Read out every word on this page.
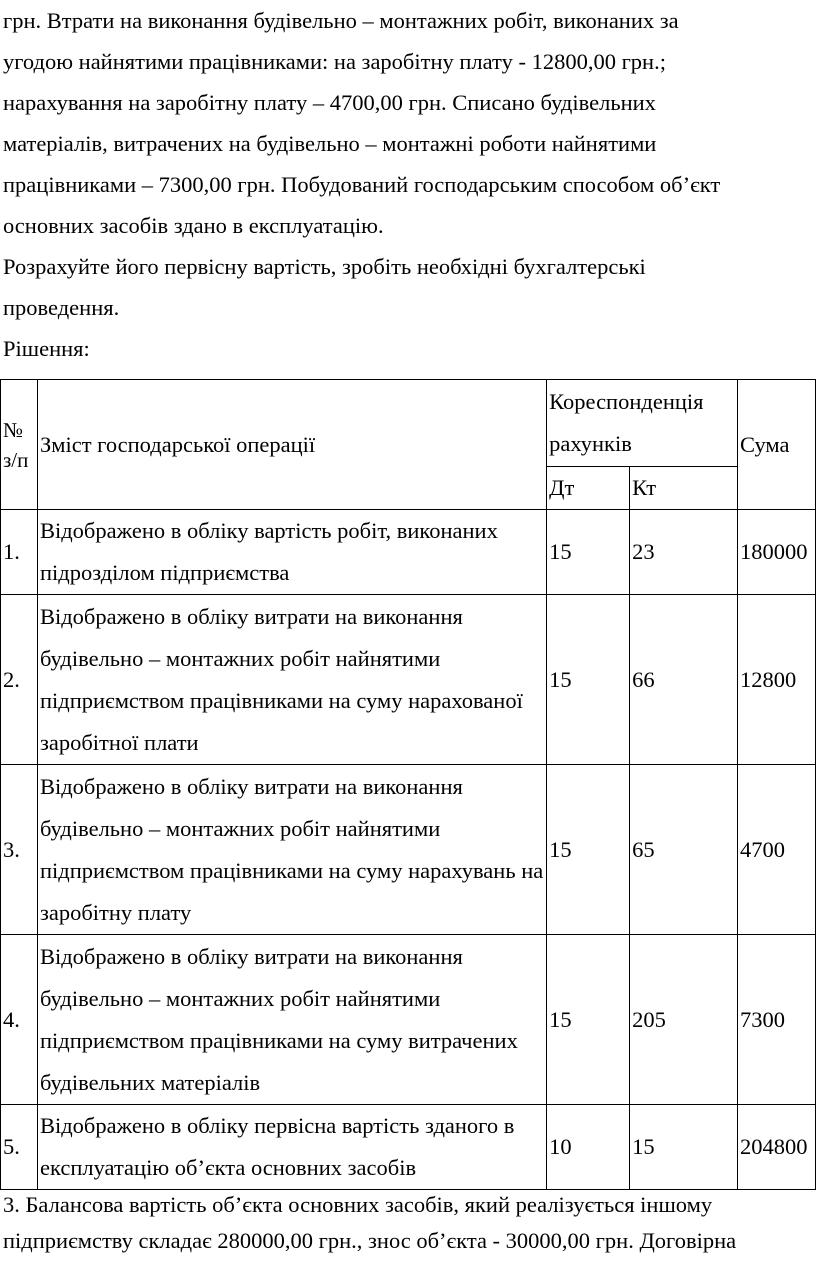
грн. Втрати на виконання будівельно – монтажних робіт, виконаних за
угодою найнятими працівниками: на заробітну плату - 12800,00 грн.;
нарахування на заробітну плату – 4700,00 грн. Списано будівельних
матеріалів, витрачених на будівельно – монтажні роботи найнятими
працівниками – 7300,00 грн. Побудований господарським способом об’єкт
основних засобів здано в експлуатацію.
Розрахуйте його первісну вартість, зробіть необхідні бухгалтерські
проведення.
Рішення:
№
з/п	Зміст господарської операції	Кореспонденція рахунків		Сума
		Дт	Кт	
1.	Відображено в обліку вартість робіт, виконаних підрозділом підприємства	15	23	180000
2.	Відображено в обліку витрати на виконання будівельно – монтажних робіт найнятими підприємством працівниками на суму нарахованої заробітної плати	15	66	12800
3.	Відображено в обліку витрати на виконання будівельно – монтажних робіт найнятими підприємством працівниками на суму нарахувань на заробітну плату	15	65	4700
4.	Відображено в обліку витрати на виконання будівельно – монтажних робіт найнятими підприємством працівниками на суму витрачених будівельних матеріалів	15	205	7300
5.	Відображено в обліку первісна вартість зданого в експлуатацію об’єкта основних засобів	10	15	204800
3. Балансова вартість об’єкта основних засобів, який реалізується іншому
підприємству складає 280000,00 грн., знос об’єкта - 30000,00 грн. Договірна
